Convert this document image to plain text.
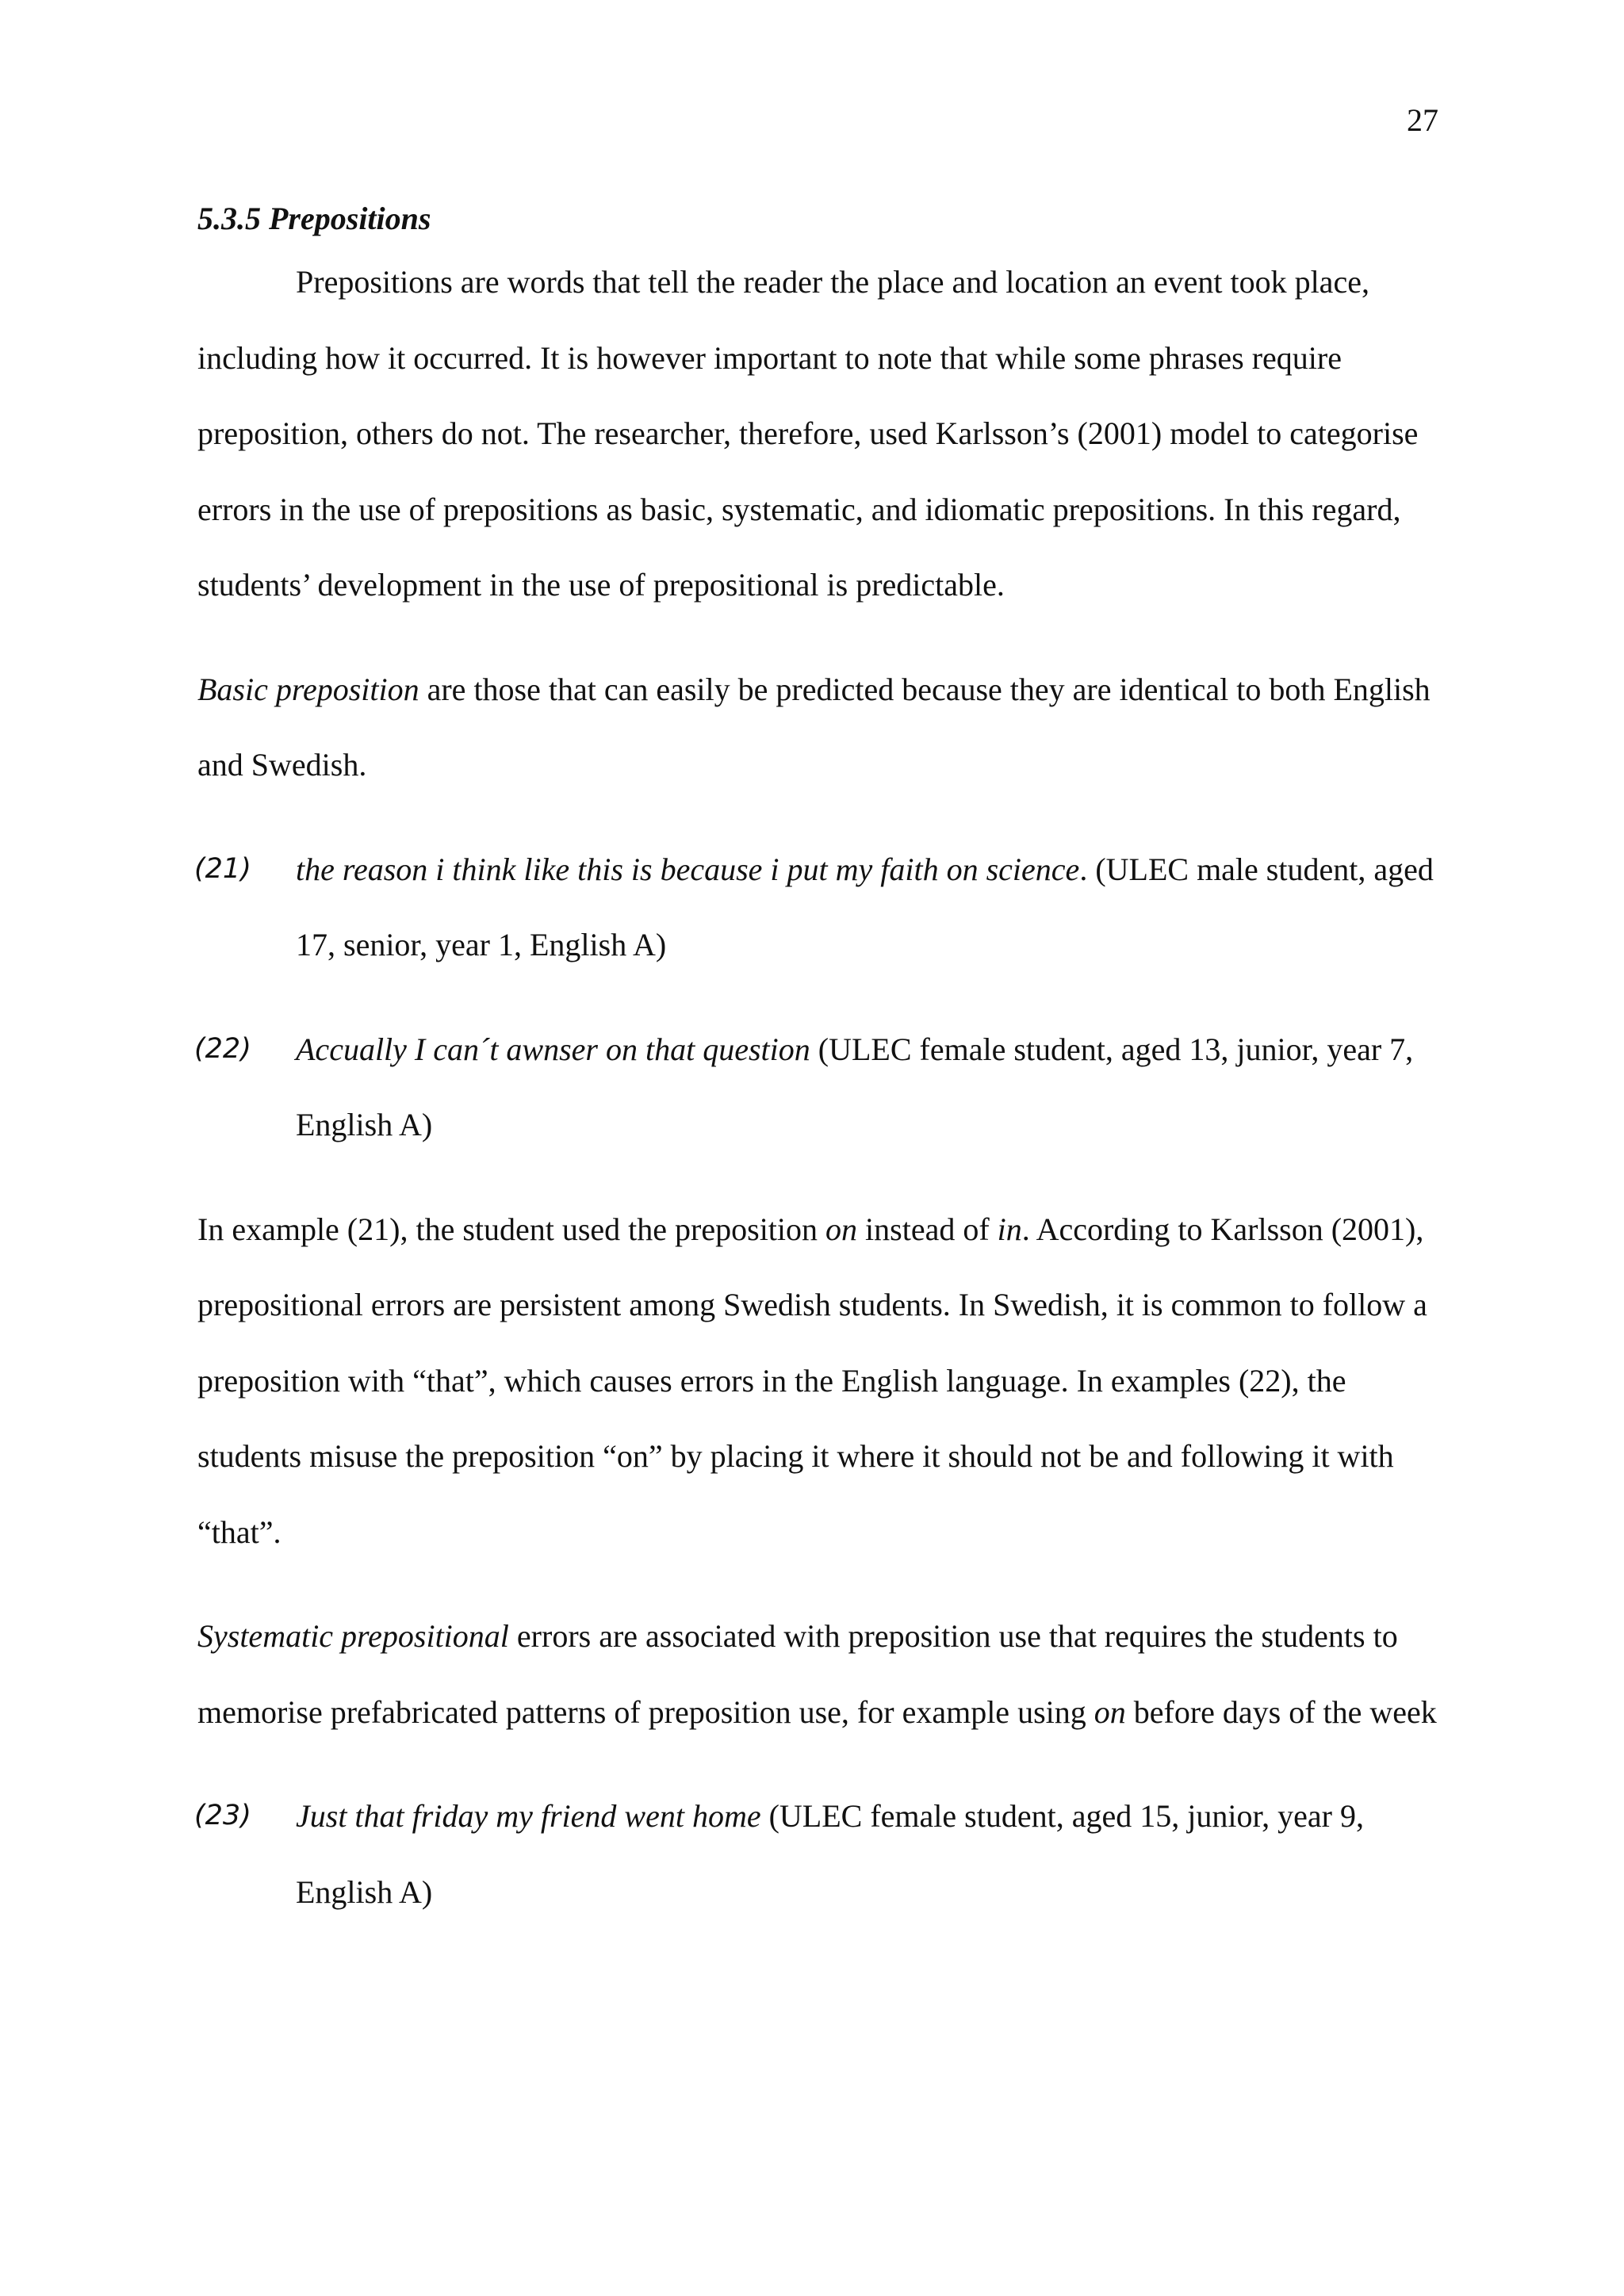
27
5.3.5 Prepositions

Prepositions are words that tell the reader the place and location an event took place, including how it occurred. It is however important to note that while some phrases require preposition, others do not. The researcher, therefore, used Karlsson’s (2001) model to categorise errors in the use of prepositions as basic, systematic, and idiomatic prepositions. In this regard, students’ development in the use of prepositional is predictable.

Basic preposition are those that can easily be predicted because they are identical to both English and Swedish.

(21) the reason i think like this is because i put my faith on science. (ULEC male student, aged 17, senior, year 1, English A)
(22) Accually I can´t awnser on that question (ULEC female student, aged 13, junior, year 7, English A)

In example (21), the student used the preposition on instead of in. According to Karlsson (2001), prepositional errors are persistent among Swedish students. In Swedish, it is common to follow a preposition with “that”, which causes errors in the English language. In examples (22), the students misuse the preposition “on” by placing it where it should not be and following it with “that”.

Systematic prepositional errors are associated with preposition use that requires the students to memorise prefabricated patterns of preposition use, for example using on before days of the week

(23) Just that friday my friend went home (ULEC female student, aged 15, junior, year 9, English A)
